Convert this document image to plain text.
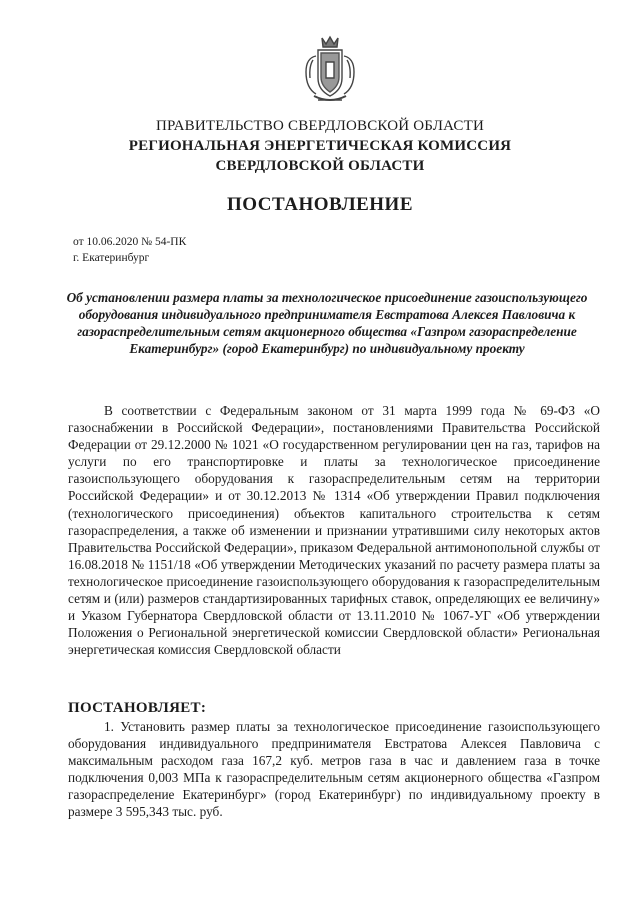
ПРАВИТЕЛЬСТВО СВЕРДЛОВСКОЙ ОБЛАСТИ
РЕГИОНАЛЬНАЯ ЭНЕРГЕТИЧЕСКАЯ КОМИССИЯ
СВЕРДЛОВСКОЙ ОБЛАСТИ
ПОСТАНОВЛЕНИЕ
от 10.06.2020 № 54-ПК
г. Екатеринбург
Об установлении размера платы за технологическое присоединение газоиспользующего оборудования индивидуального предпринимателя Евстратова Алексея Павловича к газораспределительным сетям акционерного общества «Газпром газораспределение Екатеринбург» (город Екатеринбург) по индивидуальному проекту
В соответствии с Федеральным законом от 31 марта 1999 года № 69-ФЗ «О газоснабжении в Российской Федерации», постановлениями Правительства Российской Федерации от 29.12.2000 № 1021 «О государственном регулировании цен на газ, тарифов на услуги по его транспортировке и платы за технологическое присоединение газоиспользующего оборудования к газораспределительным сетям на территории Российской Федерации» и от 30.12.2013 № 1314 «Об утверждении Правил подключения (технологического присоединения) объектов капитального строительства к сетям газораспределения, а также об изменении и признании утратившими силу некоторых актов Правительства Российской Федерации», приказом Федеральной антимонопольной службы от 16.08.2018 № 1151/18 «Об утверждении Методических указаний по расчету размера платы за технологическое присоединение газоиспользующего оборудования к газораспределительным сетям и (или) размеров стандартизированных тарифных ставок, определяющих ее величину» и Указом Губернатора Свердловской области от 13.11.2010 № 1067-УГ «Об утверждении Положения о Региональной энергетической комиссии Свердловской области» Региональная энергетическая комиссия Свердловской области
ПОСТАНОВЛЯЕТ:
1. Установить размер платы за технологическое присоединение газоиспользующего оборудования индивидуального предпринимателя Евстратова Алексея Павловича с максимальным расходом газа 167,2 куб. метров газа в час и давлением газа в точке подключения 0,003 МПа к газораспределительным сетям акционерного общества «Газпром газораспределение Екатеринбург» (город Екатеринбург) по индивидуальному проекту в размере 3 595,343 тыс. руб.
